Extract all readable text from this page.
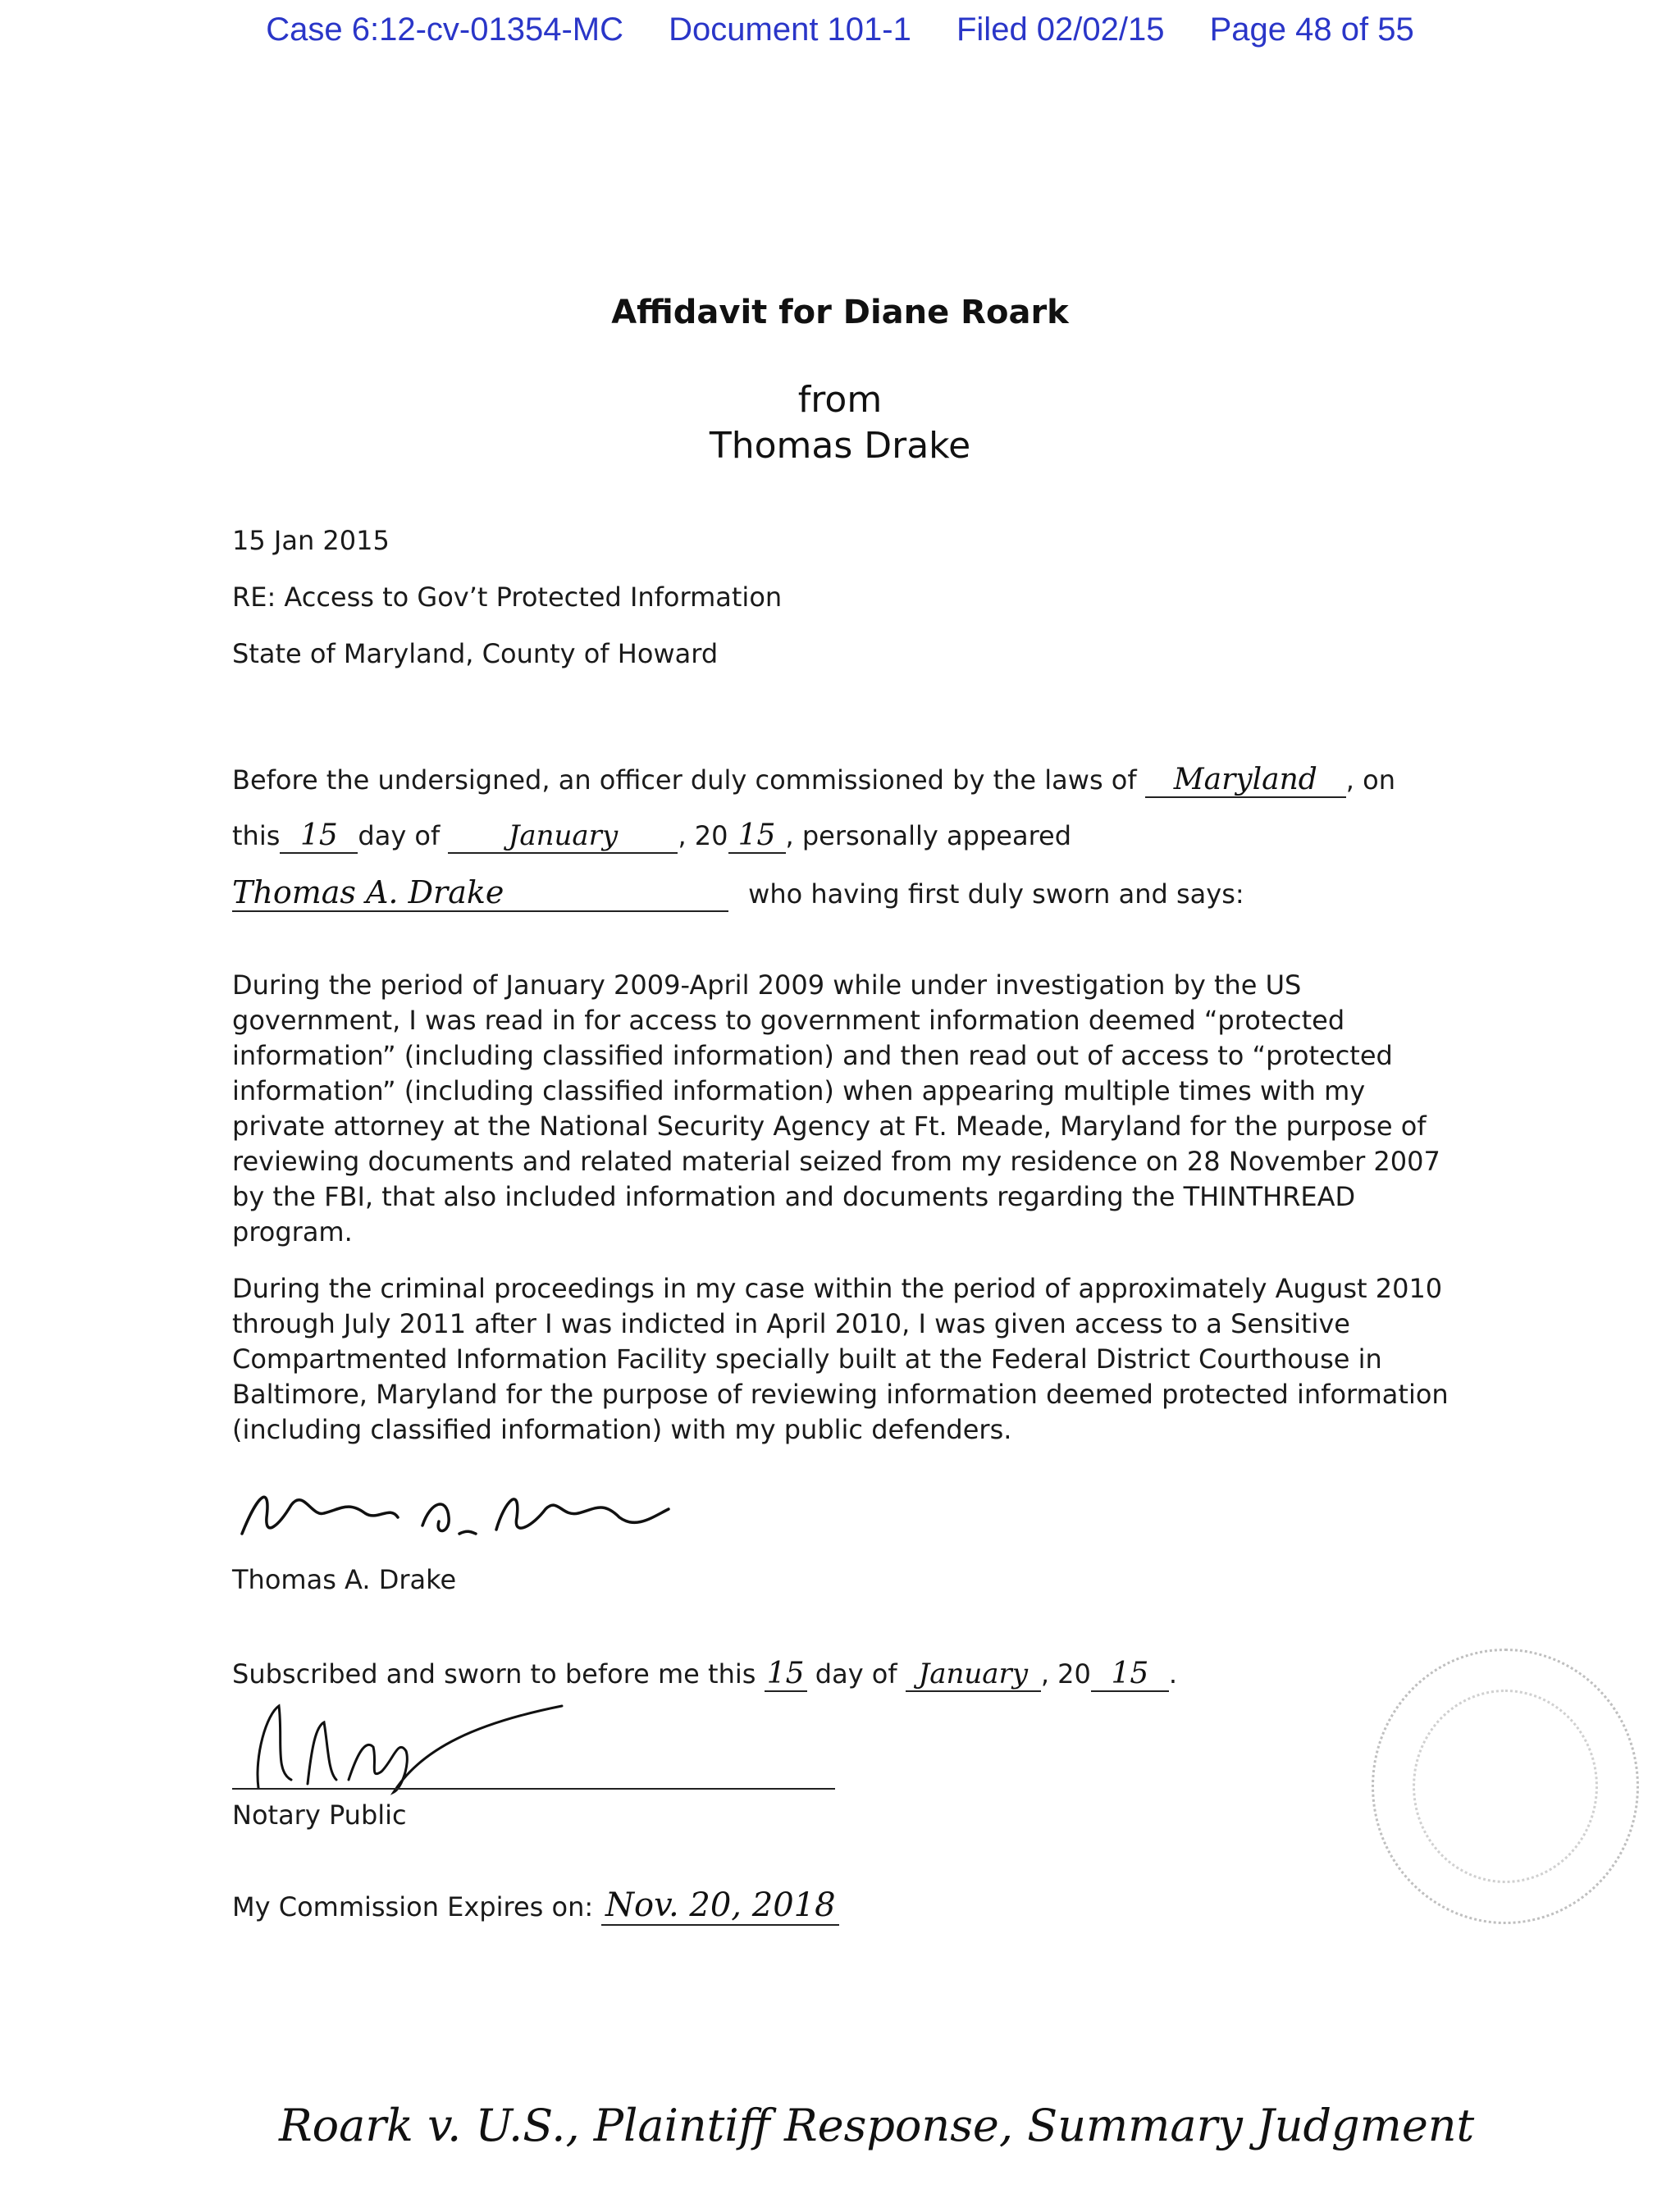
Case 6:12-cv-01354-MC Document 101-1 Filed 02/02/15 Page 48 of 55
Affidavit for Diane Roark
from
Thomas Drake
15 Jan 2015
RE: Access to Gov’t Protected Information
State of Maryland, County of Howard
Before the undersigned, an officer duly commissioned by the laws of Maryland , on
this 15 day of January , 20 15 , personally appeared
Thomas A. Drake	who having first duly sworn and says:
During the period of January 2009-April 2009 while under investigation by the US government, I was read in for access to government information deemed “protected information” (including classified information) and then read out of access to “protected information” (including classified information) when appearing multiple times with my private attorney at the National Security Agency at Ft. Meade, Maryland for the purpose of reviewing documents and related material seized from my residence on 28 November 2007 by the FBI, that also included information and documents regarding the THINTHREAD program.
During the criminal proceedings in my case within the period of approximately August 2010 through July 2011 after I was indicted in April 2010, I was given access to a Sensitive Compartmented Information Facility specially built at the Federal District Courthouse in Baltimore, Maryland for the purpose of reviewing information deemed protected information (including classified information) with my public defenders.
Thomas A. Drake
Subscribed and sworn to before me this 15 day of January , 20 15 .
Notary Public
My Commission Expires on: Nov. 20, 2018
Roark v. U.S., Plaintiff Response, Summary Judgment
